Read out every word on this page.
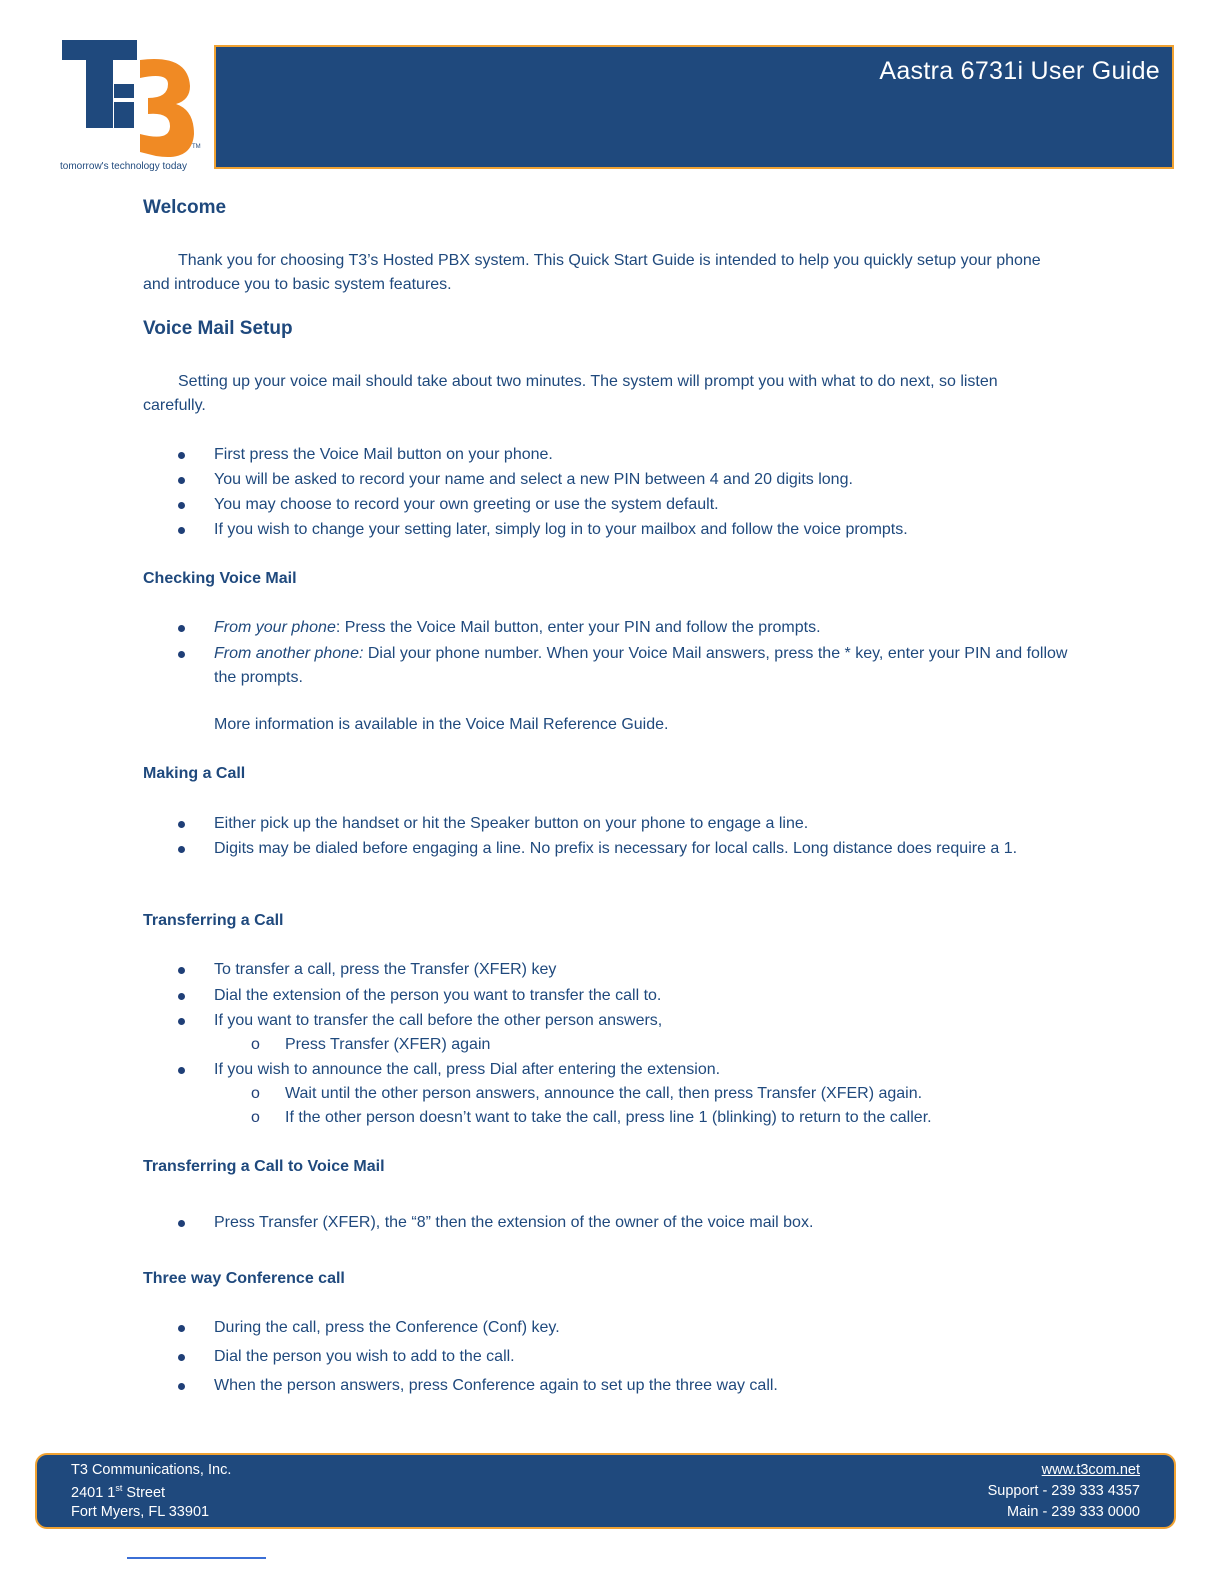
TM
tomorrow's technology today
Aastra 6731i User Guide
Welcome
Thank you for choosing T3’s Hosted PBX system. This Quick Start Guide is intended to help you quickly setup your phone and introduce you to basic system features.
Voice Mail Setup
Setting up your voice mail should take about two minutes. The system will prompt you with what to do next, so listen carefully.
First press the Voice Mail button on your phone.
You will be asked to record your name and select a new PIN between 4 and 20 digits long.
You may choose to record your own greeting or use the system default.
If you wish to change your setting later, simply log in to your mailbox and follow the voice prompts.
Checking Voice Mail
From your phone: Press the Voice Mail button, enter your PIN and follow the prompts.
From another phone: Dial your phone number. When your Voice Mail answers, press the * key, enter your PIN and follow the prompts.
More information is available in the Voice Mail Reference Guide.
Making a Call
Either pick up the handset or hit the Speaker button on your phone to engage a line.
Digits may be dialed before engaging a line. No prefix is necessary for local calls. Long distance does require a 1.
Transferring a Call
To transfer a call, press the Transfer (XFER) key
Dial the extension of the person you want to transfer the call to.
If you want to transfer the call before the other person answers,
o Press Transfer (XFER) again
If you wish to announce the call, press Dial after entering the extension.
o Wait until the other person answers, announce the call, then press Transfer (XFER) again.
o If the other person doesn’t want to take the call, press line 1 (blinking) to return to the caller.
Transferring a Call to Voice Mail
Press Transfer (XFER), the “8” then the extension of the owner of the voice mail box.
Three way Conference call
During the call, press the Conference (Conf) key.
Dial the person you wish to add to the call.
When the person answers, press Conference again to set up the three way call.
T3 Communications, Inc.
2401 1st Street
Fort Myers, FL 33901
www.t3com.net
Support - 239 333 4357
Main - 239 333 0000
